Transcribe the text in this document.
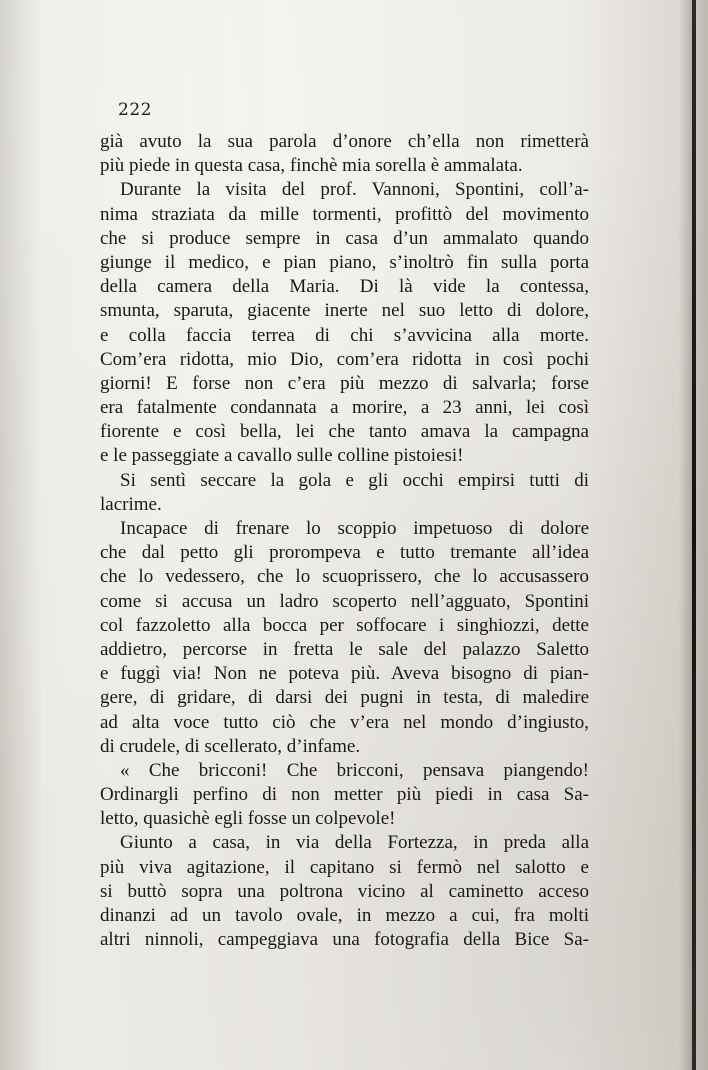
222
già avuto la sua parola d’onore ch’ella non rimetterà
più piede in questa casa, finchè mia sorella è ammalata.
Durante la visita del prof. Vannoni, Spontini, coll’a-
nima straziata da mille tormenti, profittò del movimento
che si produce sempre in casa d’un ammalato quando
giunge il medico, e pian piano, s’inoltrò fin sulla porta
della camera della Maria. Di là vide la contessa,
smunta, sparuta, giacente inerte nel suo letto di dolore,
e colla faccia terrea di chi s’avvicina alla morte.
Com’era ridotta, mio Dio, com’era ridotta in così pochi
giorni! E forse non c’era più mezzo di salvarla; forse
era fatalmente condannata a morire, a 23 anni, lei così
fiorente e così bella, lei che tanto amava la campagna
e le passeggiate a cavallo sulle colline pistoiesi!
Si sentì seccare la gola e gli occhi empirsi tutti di
lacrime.
Incapace di frenare lo scoppio impetuoso di dolore
che dal petto gli prorompeva e tutto tremante all’idea
che lo vedessero, che lo scuoprissero, che lo accusassero
come si accusa un ladro scoperto nell’agguato, Spontini
col fazzoletto alla bocca per soffocare i singhiozzi, dette
addietro, percorse in fretta le sale del palazzo Saletto
e fuggì via! Non ne poteva più. Aveva bisogno di pian-
gere, di gridare, di darsi dei pugni in testa, di maledire
ad alta voce tutto ciò che v’era nel mondo d’ingiusto,
di crudele, di scellerato, d’infame.
« Che bricconi! Che bricconi, pensava piangendo!
Ordinargli perfino di non metter più piedi in casa Sa-
letto, quasichè egli fosse un colpevole!
Giunto a casa, in via della Fortezza, in preda alla
più viva agitazione, il capitano si fermò nel salotto e
si buttò sopra una poltrona vicino al caminetto acceso
dinanzi ad un tavolo ovale, in mezzo a cui, fra molti
altri ninnoli, campeggiava una fotografia della Bice Sa-
